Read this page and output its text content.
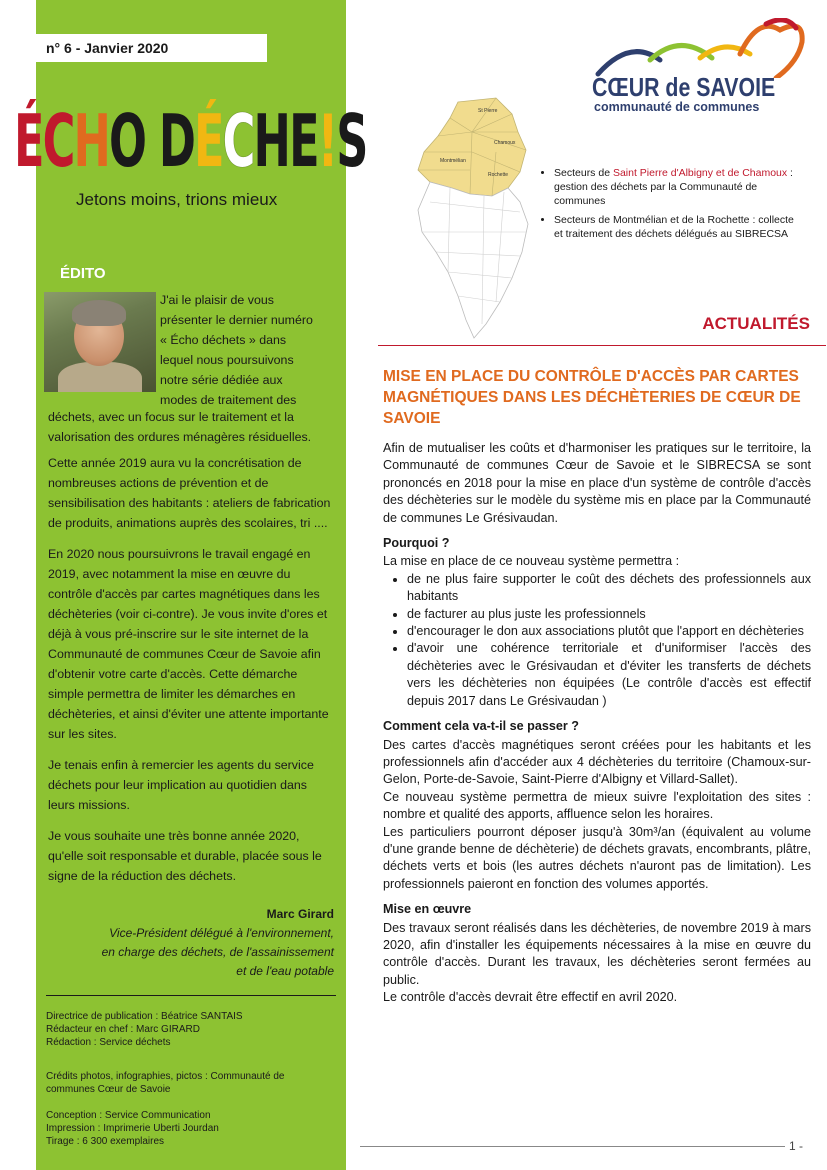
n° 6 - Janvier 2020
ÉCHO DÉCHE!S
Jetons moins, trions mieux
ÉDITO
J'ai le plaisir de vous
présenter le dernier numéro
« Écho déchets » dans
lequel nous poursuivons
notre série dédiée aux
modes de traitement des

déchets, avec un focus sur le traitement et la valorisation des ordures ménagères résiduelles.

Cette année 2019 aura vu la concrétisation de nombreuses actions de prévention et de sensibilisation des habitants : ateliers de fabrication de produits, animations auprès des scolaires, tri ....

En 2020 nous poursuivrons le travail engagé en 2019, avec notamment la mise en œuvre du contrôle d'accès par cartes magnétiques dans les déchèteries (voir ci-contre). Je vous invite d'ores et déjà à vous pré-inscrire sur le site internet de la Communauté de communes Cœur de Savoie afin d'obtenir votre carte d'accès. Cette démarche simple permettra de limiter les démarches en déchèteries, et ainsi d'éviter une attente importante sur les sites.

Je tenais enfin à remercier les agents du service déchets pour leur implication au quotidien dans leurs missions.

Je vous souhaite une très bonne année 2020, qu'elle soit responsable et durable, placée sous le signe de la réduction des déchets.

Marc Girard
Vice-Président délégué à l'environnement,
en charge des déchets, de l'assainissement
et de l'eau potable
Directrice de publication : Béatrice SANTAIS
Rédacteur en chef : Marc GIRARD
Rédaction : Service déchets
Crédits photos, infographies, pictos : Communauté de
communes Cœur de Savoie
Conception : Service Communication
Impression : Imprimerie Uberti Jourdan
Tirage : 6 300 exemplaires
CŒUR de SAVOIE
communauté de communes
St Pierre
Chamoux
Montmélian
Rochette
•	Secteurs de Saint Pierre d'Albigny et de Chamoux : gestion des déchets par la Communauté de communes
• Secteurs de Montmélian et de la Rochette : collecte et traitement des déchets délégués au SIBRECSA
ACTUALITÉS
MISE EN PLACE DU CONTRÔLE D'ACCÈS PAR CARTES MAGNÉTIQUES DANS LES DÉCHÈTERIES DE CŒUR DE SAVOIE

Afin de mutualiser les coûts et d'harmoniser les pratiques sur le territoire, la Communauté de communes Cœur de Savoie et le SIBRECSA se sont prononcés en 2018 pour la mise en place d'un système de contrôle d'accès des déchèteries sur le modèle du système mis en place par la Communauté de communes Le Grésivaudan.

Pourquoi ?

La mise en place de ce nouveau système permettra :

• de ne plus faire supporter le coût des déchets des professionnels aux habitants
• de facturer au plus juste les professionnels
• d'encourager le don aux associations plutôt que l'apport en déchèteries
• d'avoir une cohérence territoriale et d'uniformiser l'accès des déchèteries avec le Grésivaudan et d'éviter les transferts de déchets vers les déchèteries non équipées (Le contrôle d'accès est effectif depuis 2017 dans Le Grésivaudan )
Comment cela va-t-il se passer ?

Des cartes d'accès magnétiques seront créées pour les habitants et les professionnels afin d'accéder aux 4 déchèteries du territoire (Chamoux-sur-Gelon, Porte-de-Savoie, Saint-Pierre d'Albigny et Villard-Sallet).

Ce nouveau système permettra de mieux suivre l'exploitation des sites : nombre et qualité des apports, affluence selon les horaires.

Les particuliers pourront déposer jusqu'à 30m³/an (équivalent au volume d'une grande benne de déchèterie) de déchets gravats, encombrants, plâtre, déchets verts et bois (les autres déchets n'auront pas de limitation). Les professionnels paieront en fonction des volumes apportés.

Mise en œuvre

Des travaux seront réalisés dans les déchèteries, de novembre 2019 à mars 2020, afin d'installer les équipements nécessaires à la mise en œuvre du contrôle d'accès. Durant les travaux, les déchèteries seront fermées au public.

Le contrôle d'accès devrait être effectif en avril 2020.

1 -
